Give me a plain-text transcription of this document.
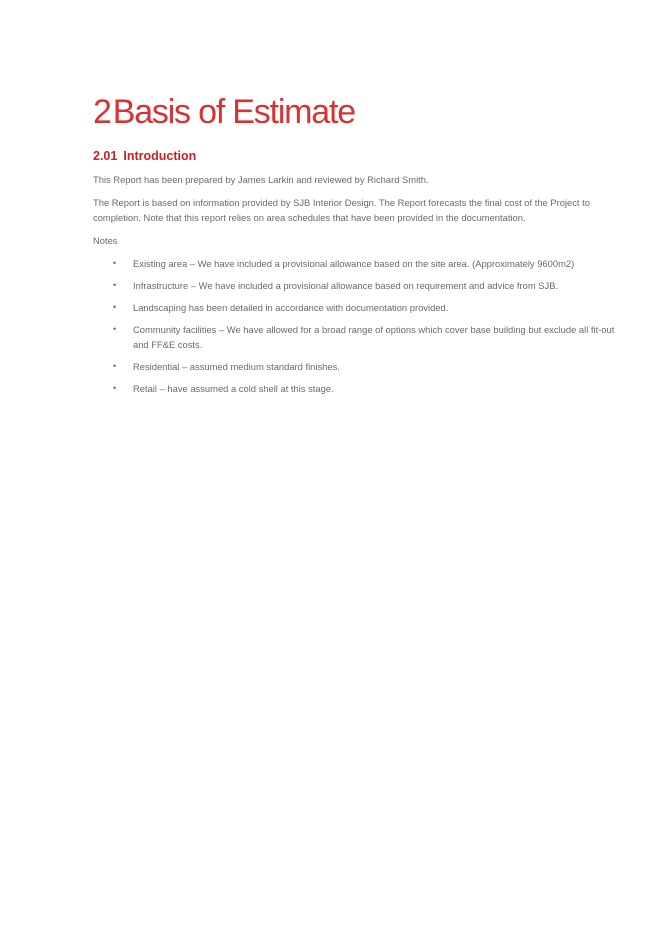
2Basis of Estimate
2.01 Introduction

This Report has been prepared by James Larkin and reviewed by Richard Smith.

The Report is based on information provided by SJB Interior Design. The Report forecasts the final cost of the Project to completion. Note that this report relies on area schedules that have been provided in the documentation.

Notes

•	Existing area – We have included a provisional allowance based on the site area. (Approximately 9600m2)
•	Infrastructure – We have included a provisional allowance based on requirement and advice from SJB.
•	Landscaping has been detailed in accordance with documentation provided.
•	Community facilities – We have allowed for a broad range of options which cover base building but exclude all fit-out and FF&E costs.
•	Residential – assumed medium standard finishes.
•	Retail – have assumed a cold shell at this stage.
